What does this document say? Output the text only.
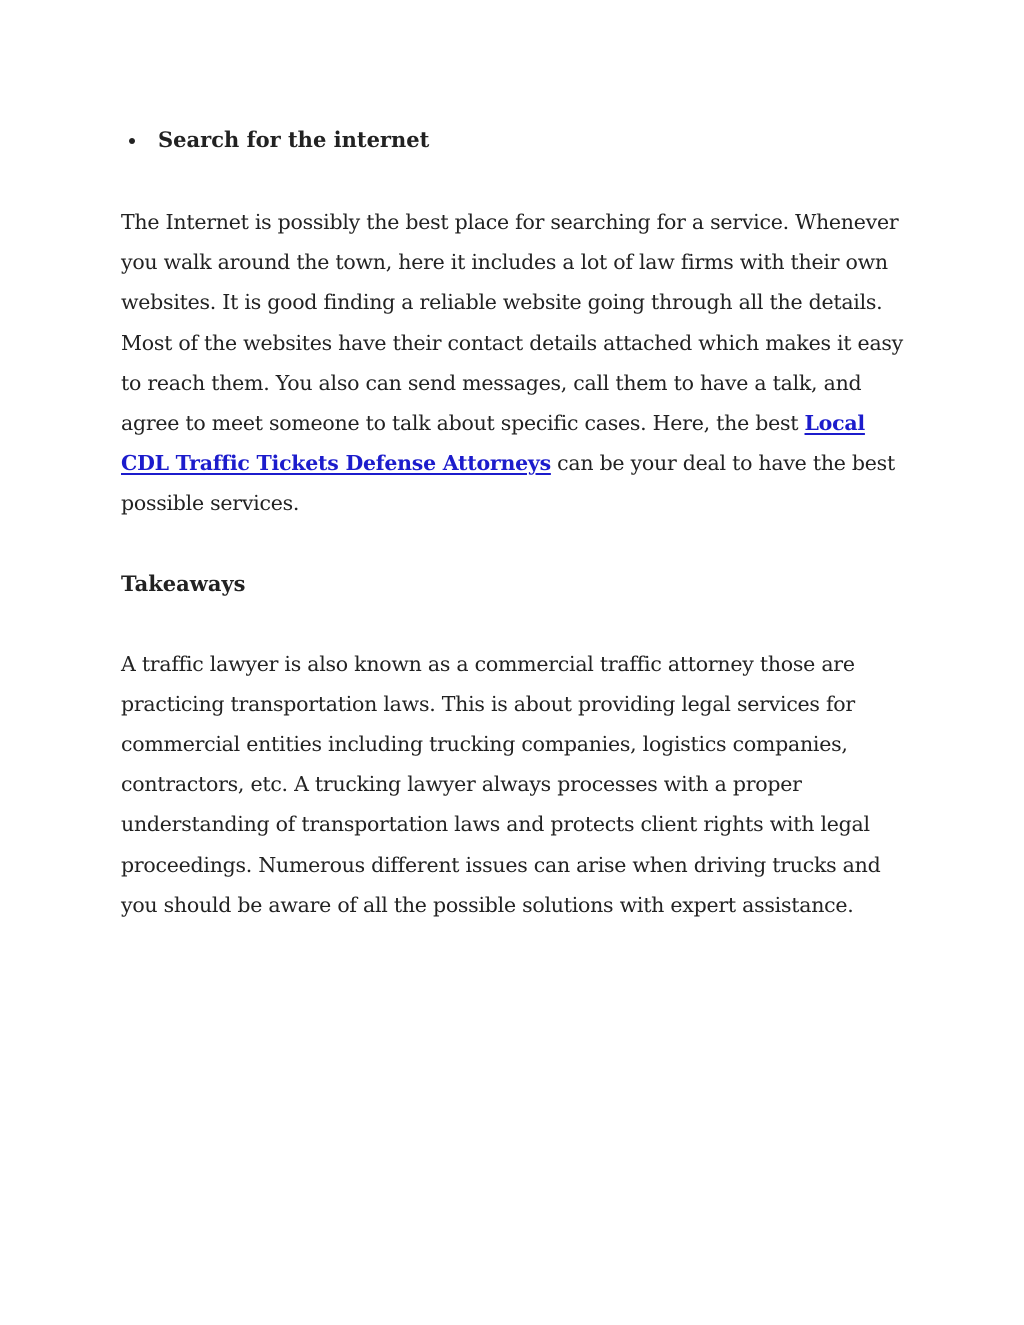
Search for the internet

The Internet is possibly the best place for searching for a service. Whenever you walk around the town, here it includes a lot of law firms with their own websites. It is good finding a reliable website going through all the details. Most of the websites have their contact details attached which makes it easy to reach them. You also can send messages, call them to have a talk, and agree to meet someone to talk about specific cases. Here, the best Local CDL Traffic Tickets Defense Attorneys can be your deal to have the best possible services.

Takeaways

A traffic lawyer is also known as a commercial traffic attorney those are practicing transportation laws. This is about providing legal services for commercial entities including trucking companies, logistics companies, contractors, etc. A trucking lawyer always processes with a proper understanding of transportation laws and protects client rights with legal proceedings. Numerous different issues can arise when driving trucks and you should be aware of all the possible solutions with expert assistance.
